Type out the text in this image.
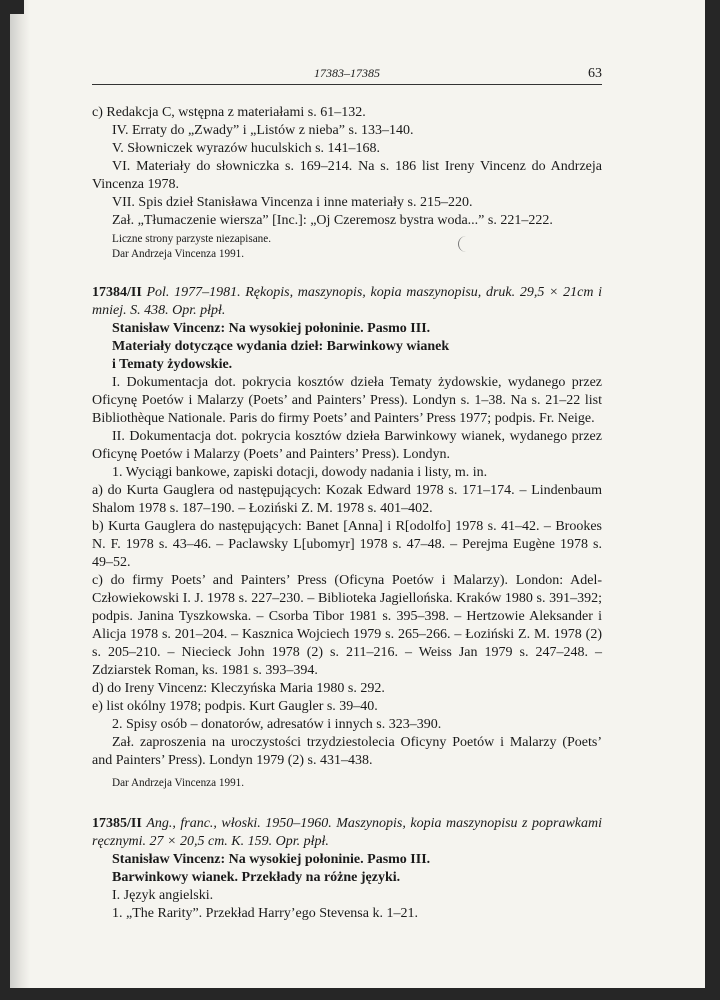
17383–17385	63

c) Redakcja C, wstępna z materiałami s. 61–132.

IV. Erraty do „Zwady” i „Listów z nieba” s. 133–140.

V. Słowniczek wyrazów huculskich s. 141–168.

VI. Materiały do słowniczka s. 169–214. Na s. 186 list Ireny Vincenz do Andrzeja Vincenza 1978.

VII. Spis dzieł Stanisława Vincenza i inne materiały s. 215–220.

Zał. „Tłumaczenie wiersza” [Inc.]: „Oj Czeremosz bystra woda...” s. 221–222.

Liczne strony parzyste niezapisane.

Dar Andrzeja Vincenza 1991.

17384/II Pol. 1977–1981. Rękopis, maszynopis, kopia maszynopisu, druk. 29,5 × 21cm i mniej. S. 438. Opr. płpł.

Stanisław Vincenz: Na wysokiej połoninie. Pasmo III.

Materiały dotyczące wydania dzieł: Barwinkowy wianek

i Tematy żydowskie.

I. Dokumentacja dot. pokrycia kosztów dzieła Tematy żydowskie, wydanego przez Oficynę Poetów i Malarzy (Poets’ and Painters’ Press). Londyn s. 1–38. Na s. 21–22 list Bibliothèque Nationale. Paris do firmy Poets’ and Painters’ Press 1977; podpis. Fr. Neige.

II. Dokumentacja dot. pokrycia kosztów dzieła Barwinkowy wianek, wydanego przez Oficynę Poetów i Malarzy (Poets’ and Painters’ Press). Londyn.

1. Wyciągi bankowe, zapiski dotacji, dowody nadania i listy, m. in.

a) do Kurta Gauglera od następujących: Kozak Edward 1978 s. 171–174. – Lindenbaum Shalom 1978 s. 187–190. – Łoziński Z. M. 1978 s. 401–402.

b) Kurta Gauglera do następujących: Banet [Anna] i R[odolfo] 1978 s. 41–42. – Brookes N. F. 1978 s. 43–46. – Paclawsky L[ubomyr] 1978 s. 47–48. – Perejma Eugène 1978 s. 49–52.

c) do firmy Poets’ and Painters’ Press (Oficyna Poetów i Malarzy). London: Adel-Człowiekowski I. J. 1978 s. 227–230. – Biblioteka Jagiellońska. Kraków 1980 s. 391–392; podpis. Janina Tyszkowska. – Csorba Tibor 1981 s. 395–398. – Hertzowie Aleksander i Alicja 1978 s. 201–204. – Kasznica Wojciech 1979 s. 265–266. – Łoziński Z. M. 1978 (2) s. 205–210. – Niecieck John 1978 (2) s. 211–216. – Weiss Jan 1979 s. 247–248. – Zdziarstek Roman, ks. 1981 s. 393–394.

d) do Ireny Vincenz: Kleczyńska Maria 1980 s. 292.

e) list okólny 1978; podpis. Kurt Gaugler s. 39–40.

2. Spisy osób – donatorów, adresatów i innych s. 323–390.

Zał. zaproszenia na uroczystości trzydziestolecia Oficyny Poetów i Malarzy (Poets’ and Painters’ Press). Londyn 1979 (2) s. 431–438.

Dar Andrzeja Vincenza 1991.

17385/II Ang., franc., włoski. 1950–1960. Maszynopis, kopia maszynopisu z poprawkami ręcznymi. 27 × 20,5 cm. K. 159. Opr. płpł.

Stanisław Vincenz: Na wysokiej połoninie. Pasmo III.

Barwinkowy wianek. Przekłady na różne języki.

I. Język angielski.

1. „The Rarity”. Przekład Harry’ego Stevensa k. 1–21.
